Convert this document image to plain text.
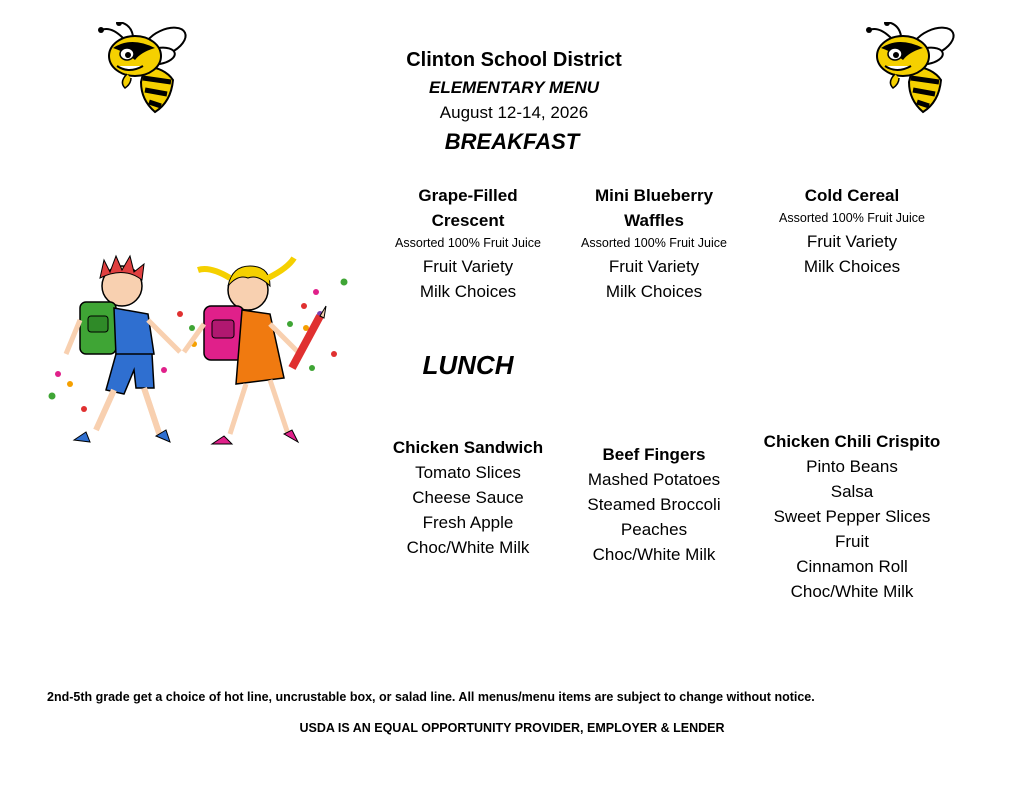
Clinton School District
ELEMENTARY MENU
August 12-14, 2026
BREAKFAST
Grape-Filled
Crescent
Assorted 100% Fruit Juice
Fruit Variety
Milk Choices
Mini Blueberry
Waffles
Assorted 100% Fruit Juice
Fruit Variety
Milk Choices
Cold Cereal
Assorted 100% Fruit Juice
Fruit Variety
Milk Choices
LUNCH
Chicken Sandwich
Tomato Slices
Cheese Sauce
Fresh Apple
Choc/White Milk
Beef Fingers
Mashed Potatoes
Steamed Broccoli
Peaches
Choc/White Milk
Chicken Chili Crispito
Pinto Beans
Salsa
Sweet Pepper Slices
Fruit
Cinnamon Roll
Choc/White Milk
2nd-5th grade get a choice of hot line, uncrustable box, or salad line. All menus/menu items are subject to change without notice.
USDA IS AN EQUAL OPPORTUNITY PROVIDER, EMPLOYER & LENDER
